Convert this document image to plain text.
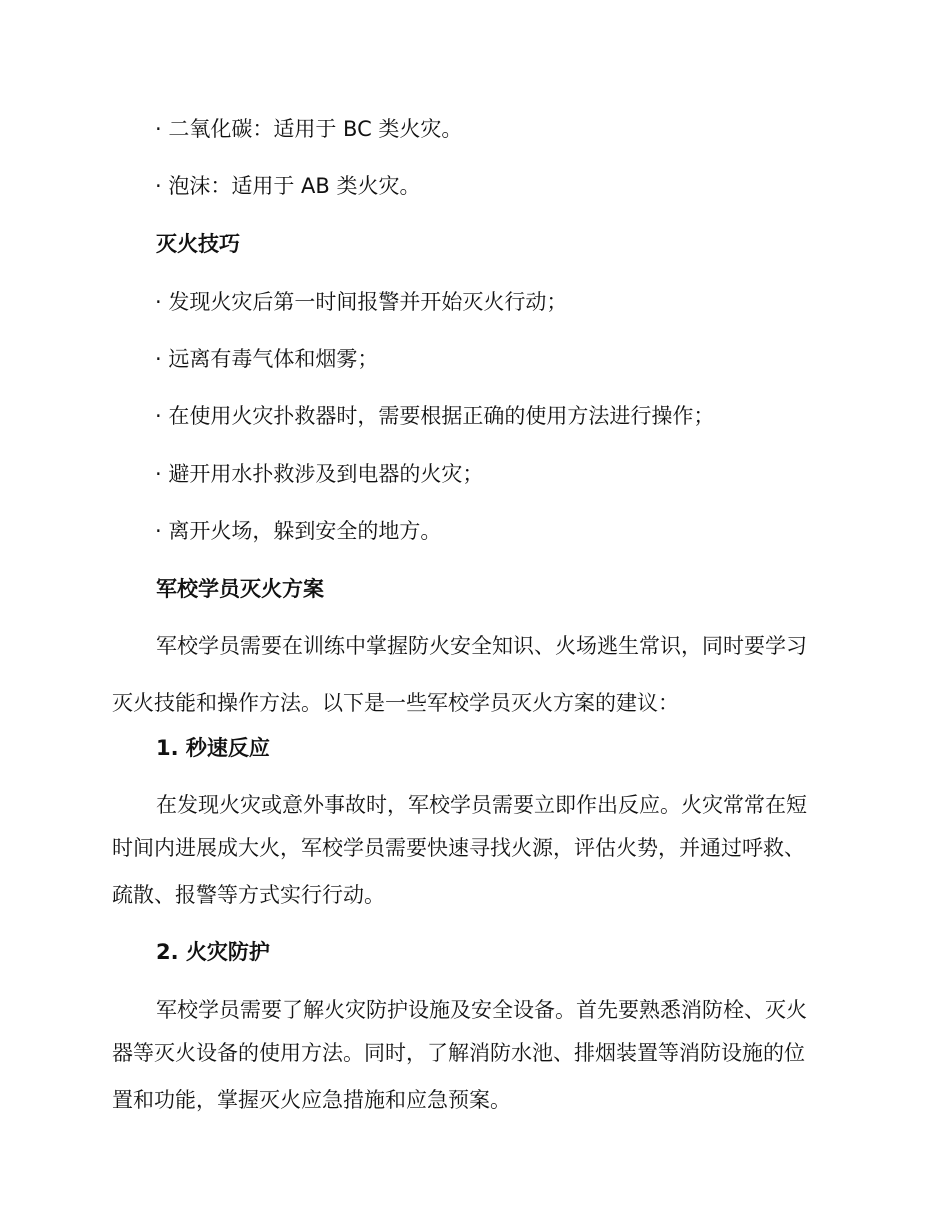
· 二氧化碳：适用于 BC 类火灾。

· 泡沫：适用于 AB 类火灾。

灭火技巧

· 发现火灾后第一时间报警并开始灭火行动；

· 远离有毒气体和烟雾；

· 在使用火灾扑救器时，需要根据正确的使用方法进行操作；

· 避开用水扑救涉及到电器的火灾；

· 离开火场，躲到安全的地方。

军校学员灭火方案

军校学员需要在训练中掌握防火安全知识、火场逃生常识，同时要学习

灭火技能和操作方法。以下是一些军校学员灭火方案的建议：

1. 秒速反应

在发现火灾或意外事故时，军校学员需要立即作出反应。火灾常常在短

时间内进展成大火，军校学员需要快速寻找火源，评估火势，并通过呼救、

疏散、报警等方式实行行动。

2. 火灾防护

军校学员需要了解火灾防护设施及安全设备。首先要熟悉消防栓、灭火

器等灭火设备的使用方法。同时，了解消防水池、排烟装置等消防设施的位

置和功能，掌握灭火应急措施和应急预案。
